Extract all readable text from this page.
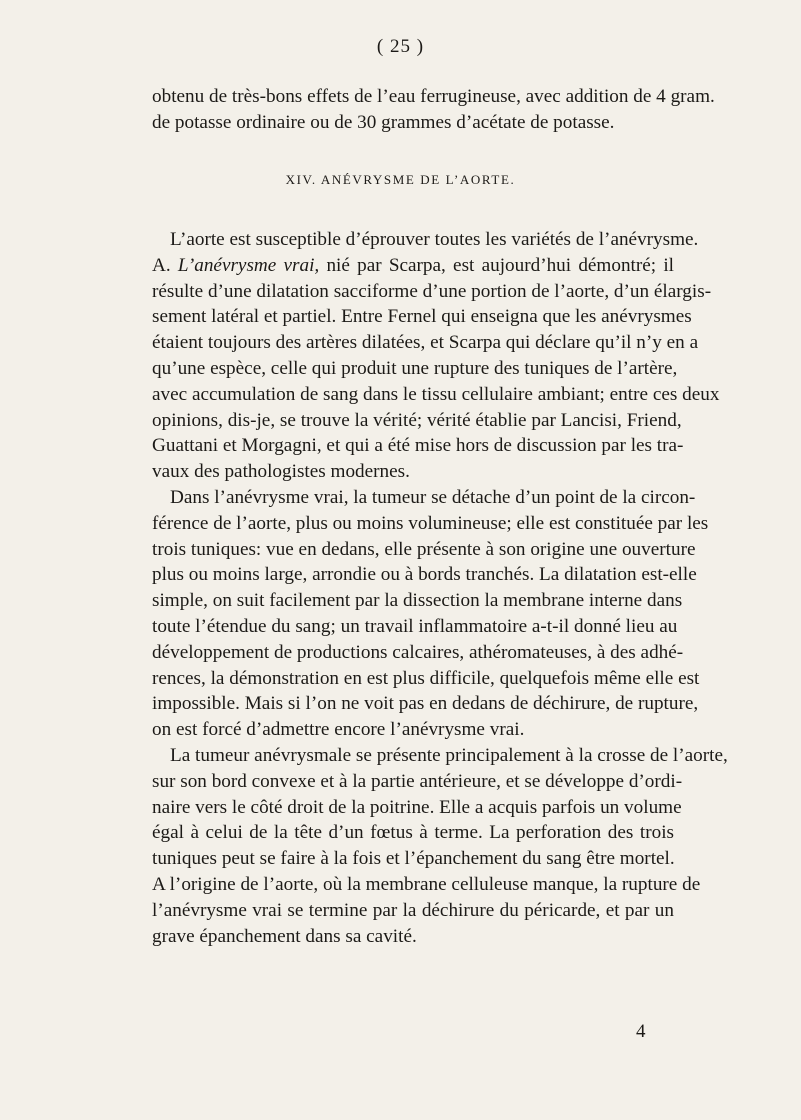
( 25 )
obtenu de très-bons effets de l’eau ferrugineuse, avec addition de 4 gram.
de potasse ordinaire ou de 30 grammes d’acétate de potasse.
XIV. ANÉVRYSME DE L’AORTE.
L’aorte est susceptible d’éprouver toutes les variétés de l’anévrysme.
A. L’anévrysme vrai, nié par Scarpa, est aujourd’hui démontré; il
résulte d’une dilatation sacciforme d’une portion de l’aorte, d’un élargis-
sement latéral et partiel. Entre Fernel qui enseigna que les anévrysmes
étaient toujours des artères dilatées, et Scarpa qui déclare qu’il n’y en a
qu’une espèce, celle qui produit une rupture des tuniques de l’artère,
avec accumulation de sang dans le tissu cellulaire ambiant; entre ces deux
opinions, dis-je, se trouve la vérité; vérité établie par Lancisi, Friend,
Guattani et Morgagni, et qui a été mise hors de discussion par les tra-
vaux des pathologistes modernes.
Dans l’anévrysme vrai, la tumeur se détache d’un point de la circon-
férence de l’aorte, plus ou moins volumineuse; elle est constituée par les
trois tuniques: vue en dedans, elle présente à son origine une ouverture
plus ou moins large, arrondie ou à bords tranchés. La dilatation est-elle
simple, on suit facilement par la dissection la membrane interne dans
toute l’étendue du sang; un travail inflammatoire a-t-il donné lieu au
développement de productions calcaires, athéromateuses, à des adhé-
rences, la démonstration en est plus difficile, quelquefois même elle est
impossible. Mais si l’on ne voit pas en dedans de déchirure, de rupture,
on est forcé d’admettre encore l’anévrysme vrai.
La tumeur anévrysmale se présente principalement à la crosse de l’aorte,
sur son bord convexe et à la partie antérieure, et se développe d’ordi-
naire vers le côté droit de la poitrine. Elle a acquis parfois un volume
égal à celui de la tête d’un fœtus à terme. La perforation des trois
tuniques peut se faire à la fois et l’épanchement du sang être mortel.
A l’origine de l’aorte, où la membrane celluleuse manque, la rupture de
l’anévrysme vrai se termine par la déchirure du péricarde, et par un
grave épanchement dans sa cavité.
4
